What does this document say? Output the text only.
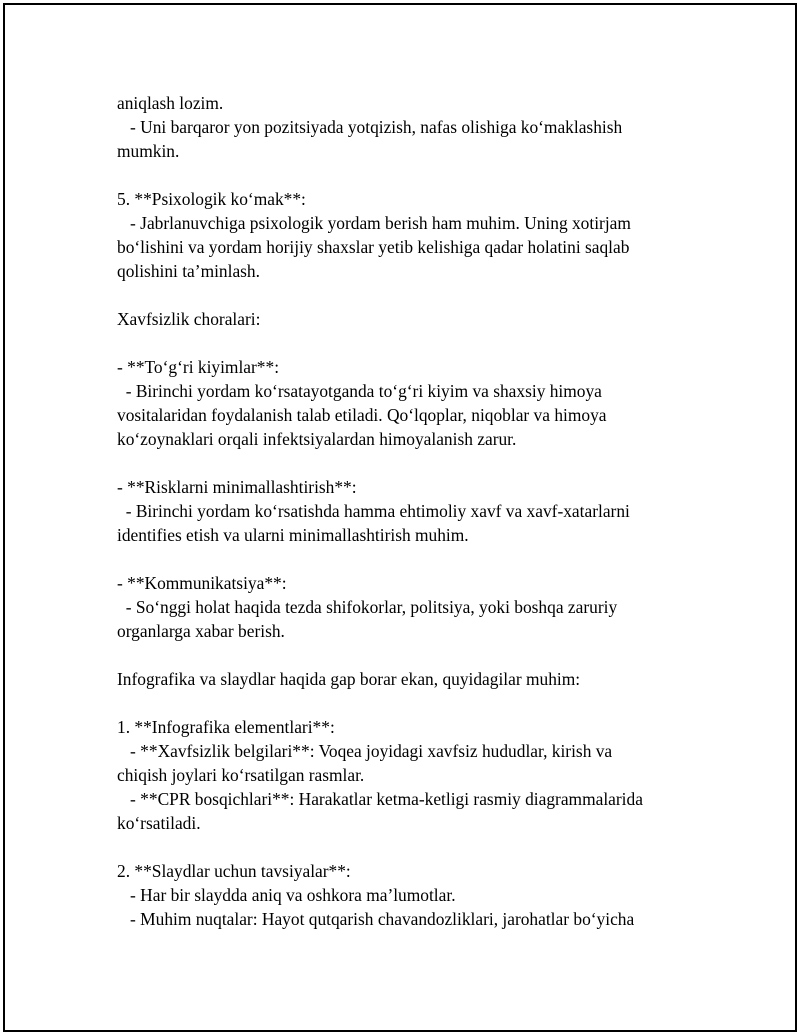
aniqlash lozim.
- Uni barqaror yon pozitsiyada yotqizish, nafas olishiga ko‘maklashish
mumkin.
5. **Psixologik ko‘mak**:
- Jabrlanuvchiga psixologik yordam berish ham muhim. Uning xotirjam
bo‘lishini va yordam horijiy shaxslar yetib kelishiga qadar holatini saqlab
qolishini ta’minlash.
Xavfsizlik choralari:
- **To‘g‘ri kiyimlar**:
- Birinchi yordam ko‘rsatayotganda to‘g‘ri kiyim va shaxsiy himoya
vositalaridan foydalanish talab etiladi. Qo‘lqoplar, niqoblar va himoya
ko‘zoynaklari orqali infektsiyalardan himoyalanish zarur.
- **Risklarni minimallashtirish**:
- Birinchi yordam ko‘rsatishda hamma ehtimoliy xavf va xavf-xatarlarni
identifies etish va ularni minimallashtirish muhim.
- **Kommunikatsiya**:
- So‘nggi holat haqida tezda shifokorlar, politsiya, yoki boshqa zaruriy
organlarga xabar berish.
Infografika va slaydlar haqida gap borar ekan, quyidagilar muhim:
1. **Infografika elementlari**:
- **Xavfsizlik belgilari**: Voqea joyidagi xavfsiz hududlar, kirish va
chiqish joylari ko‘rsatilgan rasmlar.
- **CPR bosqichlari**: Harakatlar ketma-ketligi rasmiy diagrammalarida
ko‘rsatiladi.
2. **Slaydlar uchun tavsiyalar**:
- Har bir slaydda aniq va oshkora ma’lumotlar.
- Muhim nuqtalar: Hayot qutqarish chavandozliklari, jarohatlar bo‘yicha
